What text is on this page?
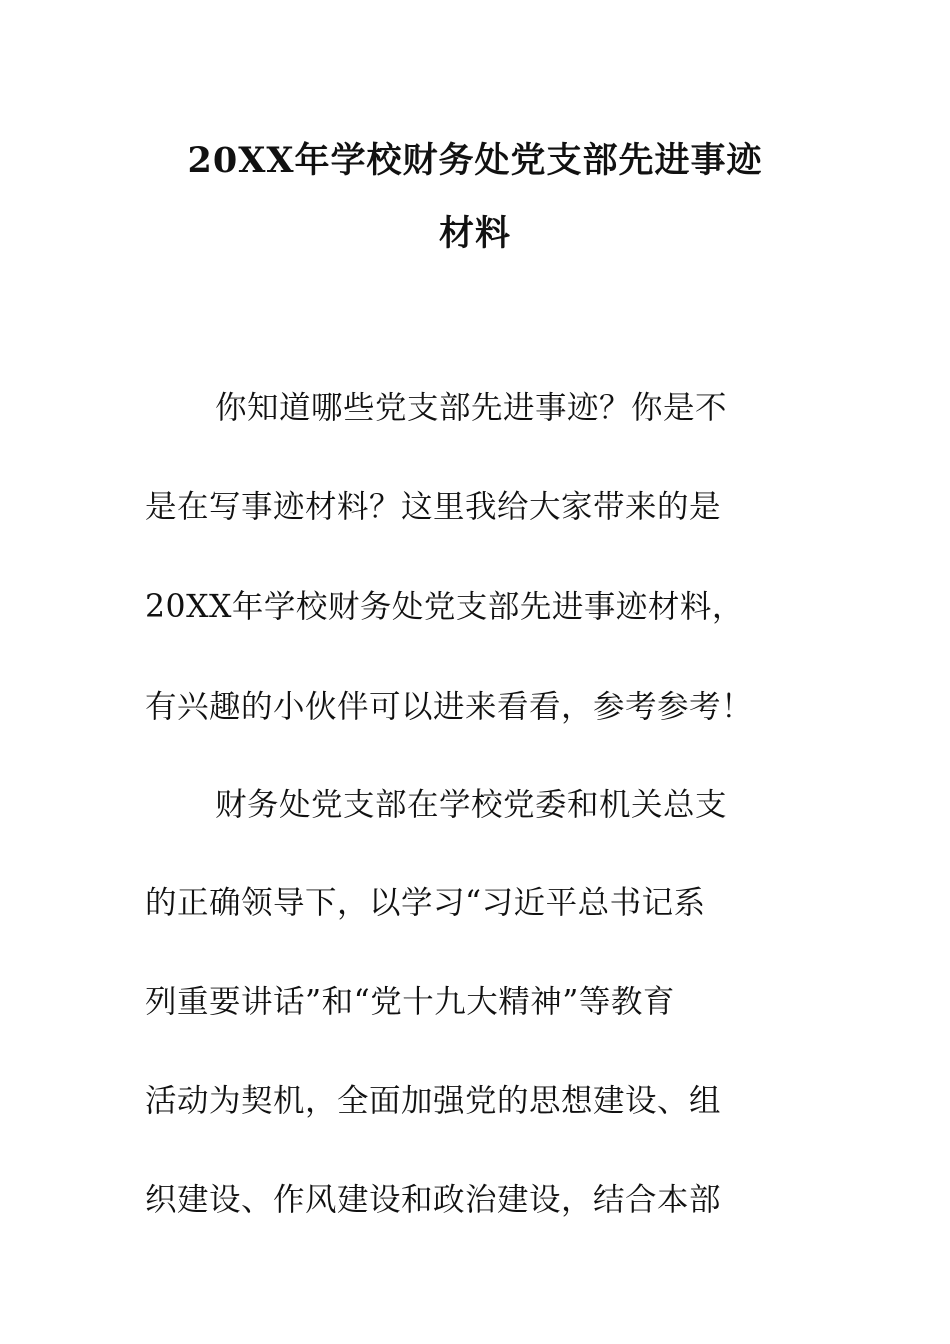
20XX年学校财务处党支部先进事迹
材料
你知道哪些党支部先进事迹？你是不
是在写事迹材料？这里我给大家带来的是
20XX年学校财务处党支部先进事迹材料，
有兴趣的小伙伴可以进来看看，参考参考！
财务处党支部在学校党委和机关总支
的正确领导下，以学习“习近平总书记系
列重要讲话”和“党十九大精神”等教育
活动为契机，全面加强党的思想建设、组
织建设、作风建设和政治建设，结合本部
